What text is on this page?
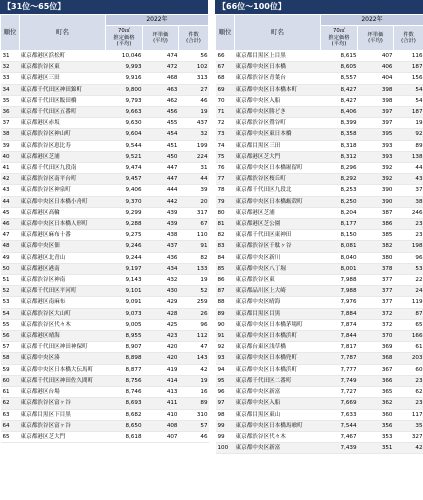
【31位～65位】
順位	町名	2022年		
		70㎡
推定価格
(平均)	坪単価
(平均)	件数
(合計)
31	東京都港区浜松町	10,046	474	56
32	東京都渋谷区東	9,993	472	102
33	東京都港区三田	9,916	468	313
34	東京都千代田区神田錦町	9,800	463	27
35	東京都千代田区飯田橋	9,793	462	46
36	東京都千代田区五番町	9,663	456	19
37	東京都港区赤坂	9,630	455	437
38	東京都渋谷区神山町	9,604	454	32
39	東京都渋谷区恵比寿	9,544	451	199
40	東京都港区芝浦	9,521	450	224
41	東京都千代田区九段南	9,474	447	31
42	東京都渋谷区南平台町	9,457	447	44
43	東京都渋谷区神泉町	9,406	444	39
44	東京都中央区日本橋小舟町	9,370	442	20
45	東京都港区高輪	9,299	439	317
46	東京都中央区日本橋人形町	9,288	439	67
47	東京都港区麻布十番	9,275	438	110
48	東京都中央区佃	9,246	437	91
49	東京都港区北青山	9,244	436	82
50	東京都港区港南	9,197	434	133
51	東京都渋谷区神南	9,143	432	19
52	東京都千代田区平河町	9,101	430	52
53	東京都港区南麻布	9,091	429	259
54	東京都渋谷区大山町	9,073	428	26
55	東京都渋谷区代々木	9,005	425	96
56	東京都港区晴海	8,955	423	112
57	東京都千代田区神田神保町	8,907	420	47
58	東京都中央区湊	8,898	420	143
59	東京都中央区日本橋大伝馬町	8,877	419	42
60	東京都千代田区神田佐久間町	8,756	414	19
61	東京都港区台場	8,746	413	16
62	東京都渋谷区富ヶ谷	8,693	411	89
63	東京都目黒区下目黒	8,682	410	310
64	東京都渋谷区富ヶ谷	8,650	408	57
65	東京都港区芝大門	8,618	407	46
【66位～100位】
順位	町名	2022年		
		70㎡
推定価格
(平均)	坪単価
(平均)	件数
(合計)
66	東京都目黒区上目黒	8,615	407	116
67	東京都中央区日本橋	8,605	406	187
68	東京都渋谷区青葉台	8,557	404	156
69	東京都中央区日本橋本町	8,427	398	54
70	東京都中央区入船	8,427	398	54
71	東京都中央区勝どき	8,406	397	187
72	東京都渋谷区鶯谷町	8,399	397	19
73	東京都中央区東日本橋	8,358	395	92
74	東京都目黒区三田	8,318	393	89
75	東京都港区芝大門	8,312	393	138
76	東京都中央区日本橋堀留町	8,296	392	44
77	東京都渋谷区桜丘町	8,292	392	43
78	東京都千代田区九段北	8,253	390	37
79	東京都中央区日本橋蛎殻町	8,250	390	38
80	東京都港区芝浦	8,204	387	246
81	東京都港区芝公園	8,177	386	23
82	東京都千代田区東神田	8,150	385	23
83	東京都渋谷区千駄ヶ谷	8,081	382	198
84	東京都中央区新川	8,040	380	96
85	東京都中央区八丁堀	8,001	378	53
86	東京都渋谷区東	7,988	377	22
87	東京都品川区上大崎	7,988	377	24
88	東京都中央区晴海	7,976	377	119
89	東京都目黒区目黒	7,884	372	87
90	東京都中央区日本橋茅場町	7,874	372	65
91	東京都中央区日本橋浜町	7,844	370	166
92	東京都台東区浅草橋	7,817	369	61
93	東京都中央区日本橋兜町	7,787	368	203
94	東京都中央区日本橋浜町	7,777	367	60
95	東京都千代田区二番町	7,749	366	23
96	東京都中央区新富	7,727	365	62
97	東京都中央区入船	7,669	362	23
98	東京都目黒区東山	7,633	360	117
99	東京都中央区日本橋馬喰町	7,544	356	35
99	東京都渋谷区代々木	7,467	353	327
100	東京都中央区新富	7,439	351	42
